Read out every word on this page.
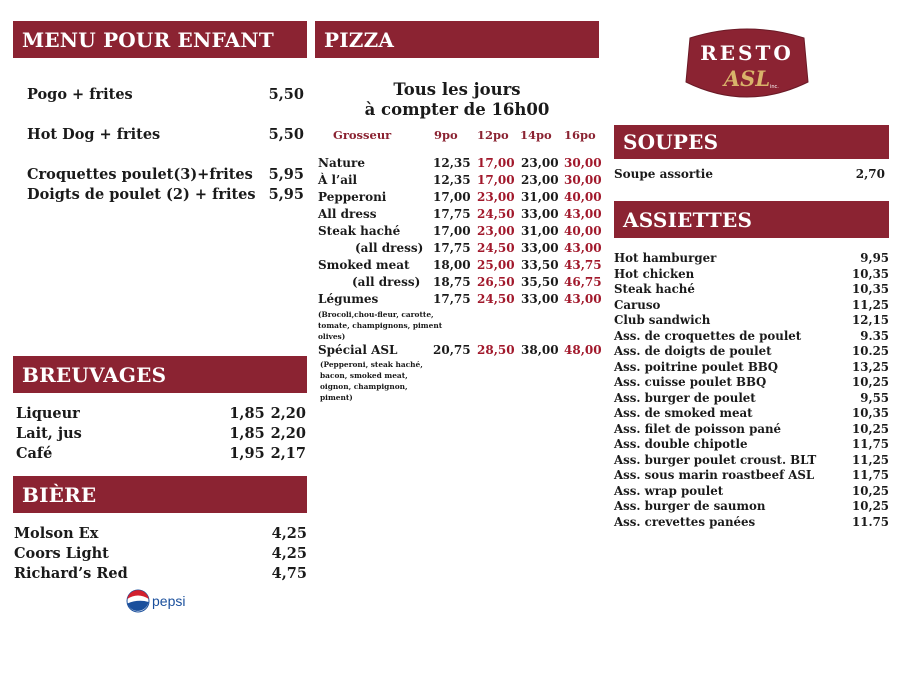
MENU POUR ENFANT
Pogo + frites	5,50
Hot Dog + frites	5,50
Croquettes poulet(3)+frites 5,95
Doigts de poulet (2) + frites 5,95
BREUVAGES
Liqueur	1,85 2,20
Lait, jus	1,85 2,20
Café	1,95 2,17
BIÈRE
Molson Ex	4,25
Coors Light	4,25
Richard’s Red	4,75
pepsi
PIZZA
Tous les jours
à compter de 16h00
Grosseur	9po 12po 14po 16po
Nature	12,35 17,00 23,00 30,00
À l’ail	12,35 17,00 23,00 30,00
Pepperoni	17,00 23,00 31,00 40,00
All dress	17,75 24,50 33,00 43,00
Steak haché	17,00 23,00 31,00 40,00
(all dress) 17,75 24,50 33,00 43,00
Smoked meat 18,00 25,00 33,50 43,75
(all dress) 18,75 26,50 35,50 46,75
Légumes	17,75 24,50 33,00 43,00
Spécial ASL	20,75 28,50 38,00 48,00
(Brocoli,chou-fleur, carotte,
tomate, champignons, piment
olives)
(Pepperoni, steak haché,
bacon, smoked meat,
oignon, champignon,
piment)
RESTO
ASL inc.
SOUPES
Soupe assortie	2,70
ASSIETTES
Hot hamburger	9,95
Hot chicken	10,35
Steak haché	10,35
Caruso	11,25
Club sandwich	12,15
Ass. de croquettes de poulet	9.35
Ass. de doigts de poulet	10.25
Ass. poitrine poulet BBQ	13,25
Ass. cuisse poulet BBQ	10,25
Ass. burger de poulet	9,55
Ass. de smoked meat	10,35
Ass. filet de poisson pané	10,25
Ass. double chipotle	11,75
Ass. burger poulet croust. BLT	11,25
Ass. sous marin roastbeef ASL	11,75
Ass. wrap poulet	10,25
Ass. burger de saumon	10,25
Ass. crevettes panées	11.75
